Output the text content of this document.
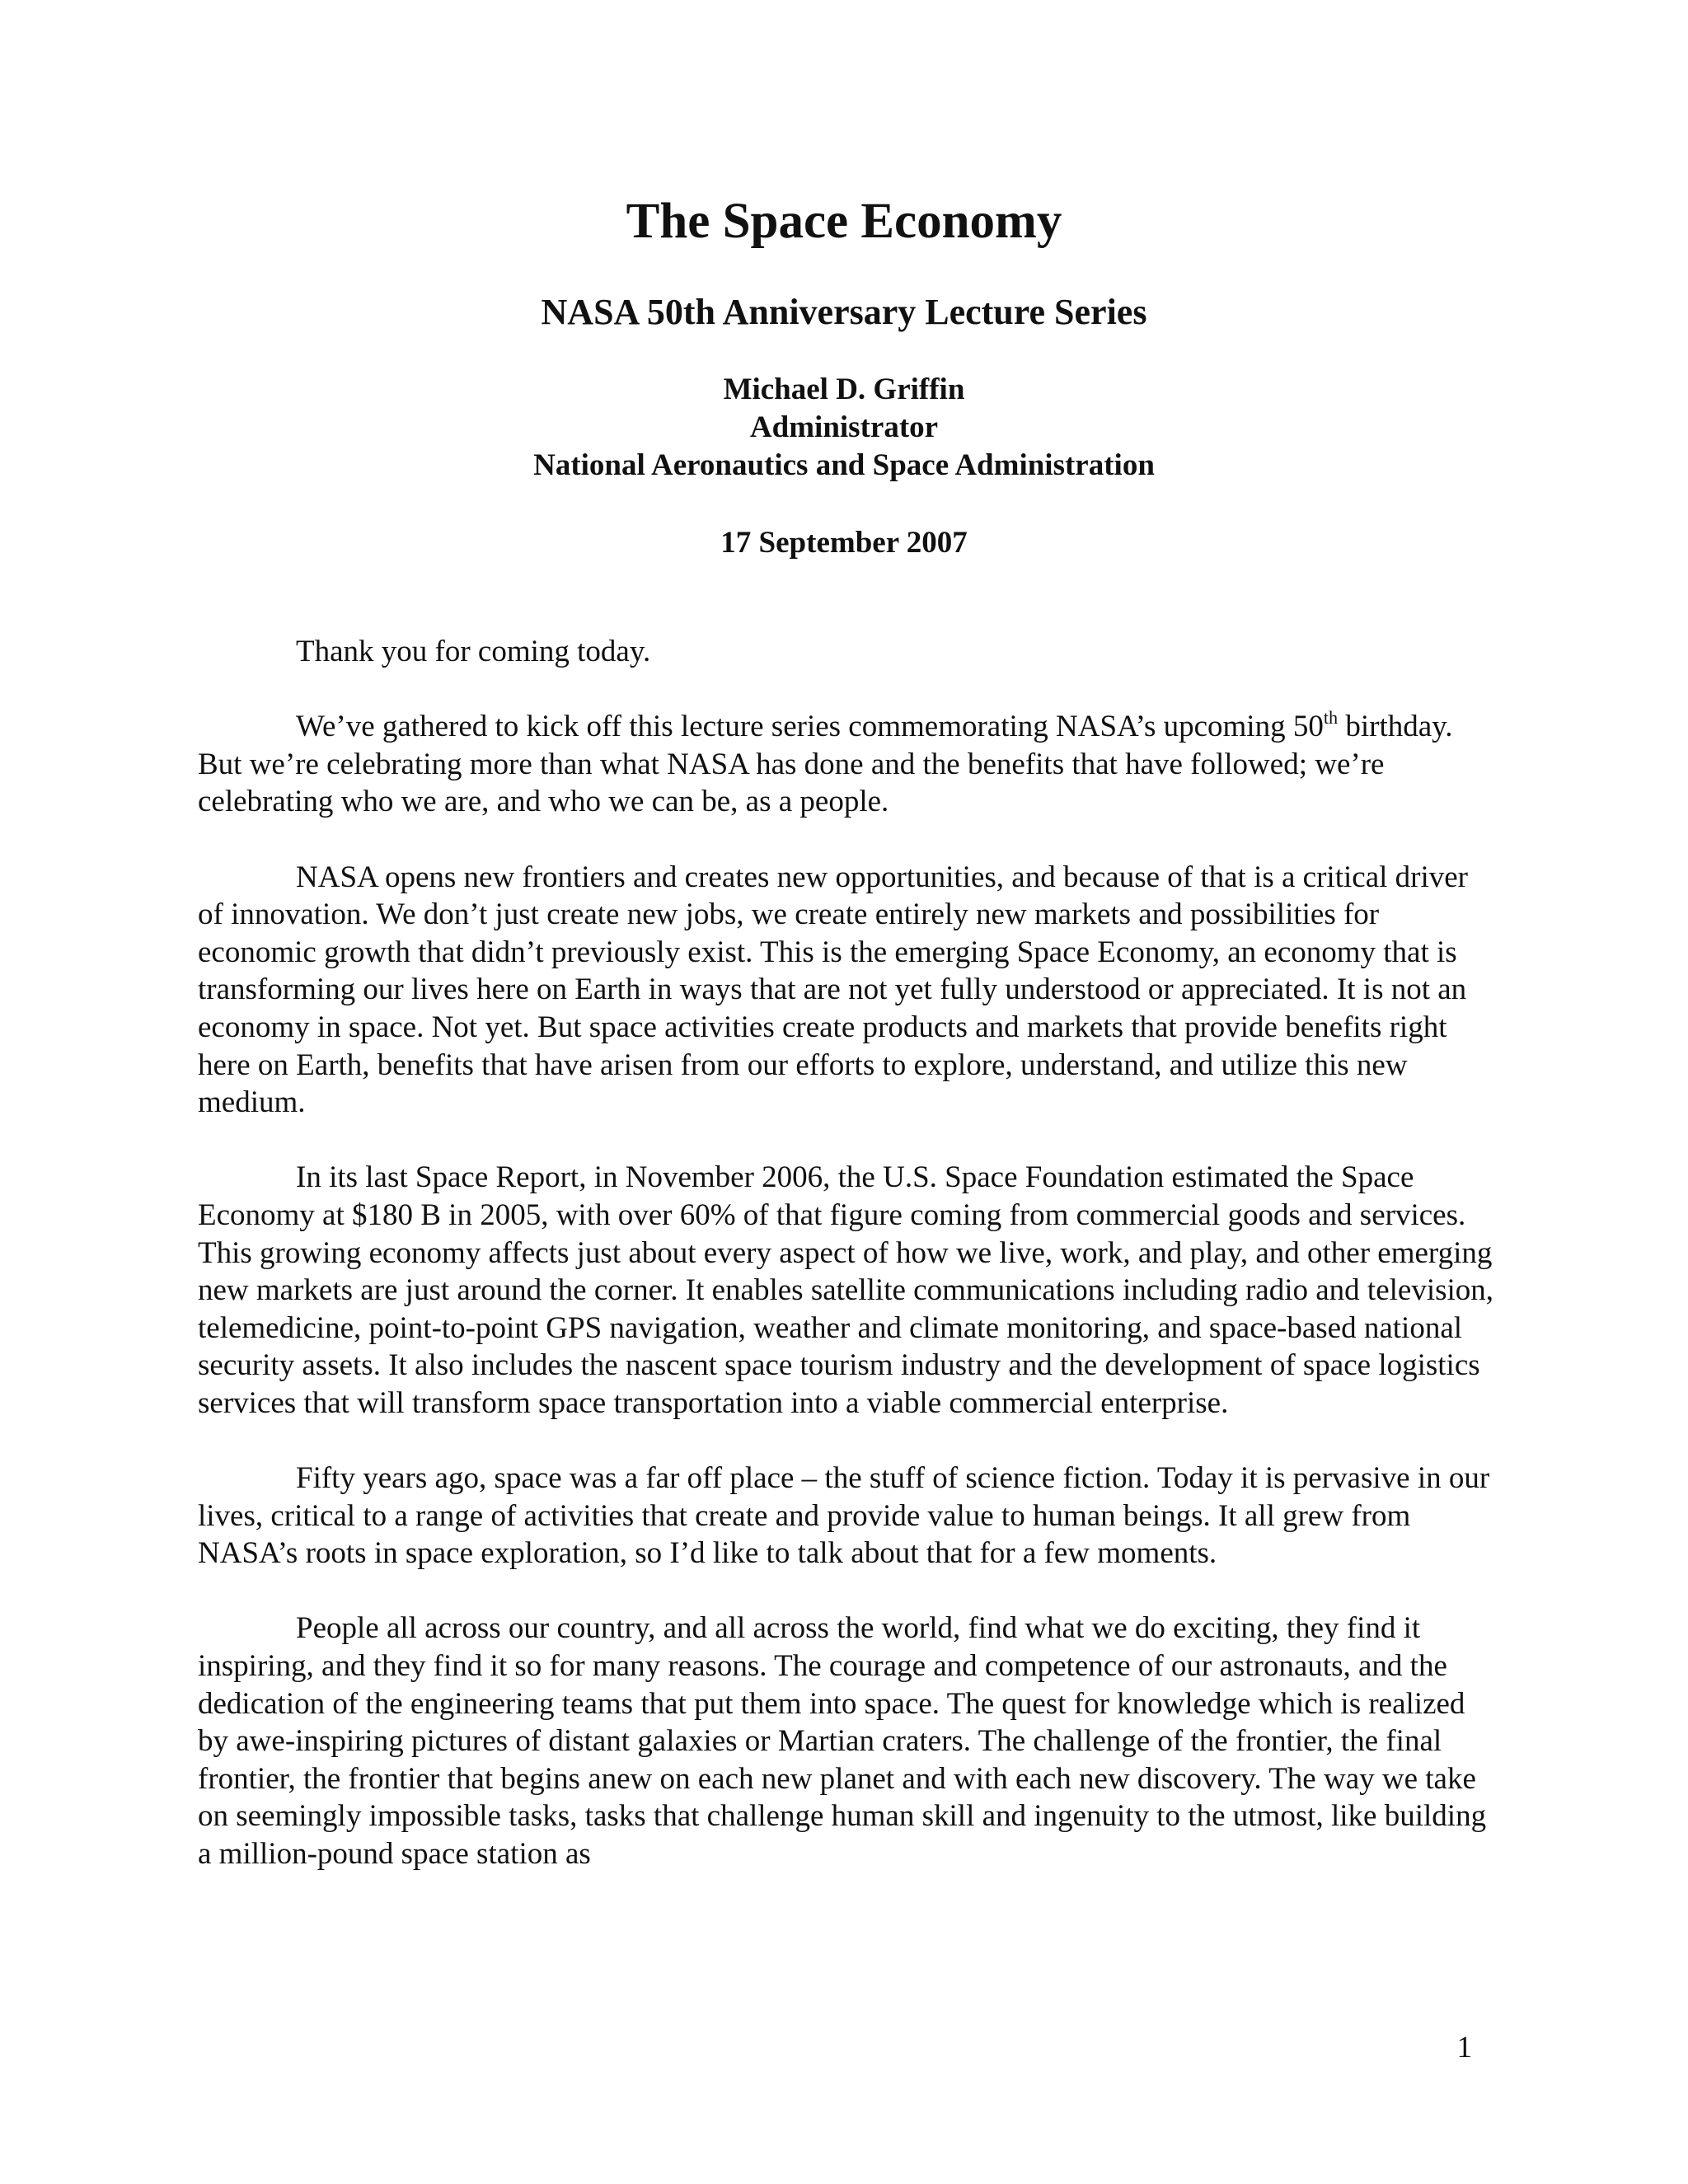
The Space Economy
NASA 50th Anniversary Lecture Series
Michael D. Griffin
Administrator
National Aeronautics and Space Administration
17 September 2007

Thank you for coming today.

We’ve gathered to kick off this lecture series commemorating NASA’s upcoming 50th birthday. But we’re celebrating more than what NASA has done and the benefits that have followed; we’re celebrating who we are, and who we can be, as a people.

NASA opens new frontiers and creates new opportunities, and because of that is a critical driver of innovation. We don’t just create new jobs, we create entirely new markets and possibilities for economic growth that didn’t previously exist. This is the emerging Space Economy, an economy that is transforming our lives here on Earth in ways that are not yet fully understood or appreciated. It is not an economy in space. Not yet. But space activities create products and markets that provide benefits right here on Earth, benefits that have arisen from our efforts to explore, understand, and utilize this new medium.

In its last Space Report, in November 2006, the U.S. Space Foundation estimated the Space Economy at $180 B in 2005, with over 60% of that figure coming from commercial goods and services. This growing economy affects just about every aspect of how we live, work, and play, and other emerging new markets are just around the corner. It enables satellite communications including radio and television, telemedicine, point-to-point GPS navigation, weather and climate monitoring, and space-based national security assets. It also includes the nascent space tourism industry and the development of space logistics services that will transform space transportation into a viable commercial enterprise.

Fifty years ago, space was a far off place – the stuff of science fiction. Today it is pervasive in our lives, critical to a range of activities that create and provide value to human beings. It all grew from NASA’s roots in space exploration, so I’d like to talk about that for a few moments.

People all across our country, and all across the world, find what we do exciting, they find it inspiring, and they find it so for many reasons. The courage and competence of our astronauts, and the dedication of the engineering teams that put them into space. The quest for knowledge which is realized by awe-inspiring pictures of distant galaxies or Martian craters. The challenge of the frontier, the final frontier, the frontier that begins anew on each new planet and with each new discovery. The way we take on seemingly impossible tasks, tasks that challenge human skill and ingenuity to the utmost, like building a million-pound space station as

1
